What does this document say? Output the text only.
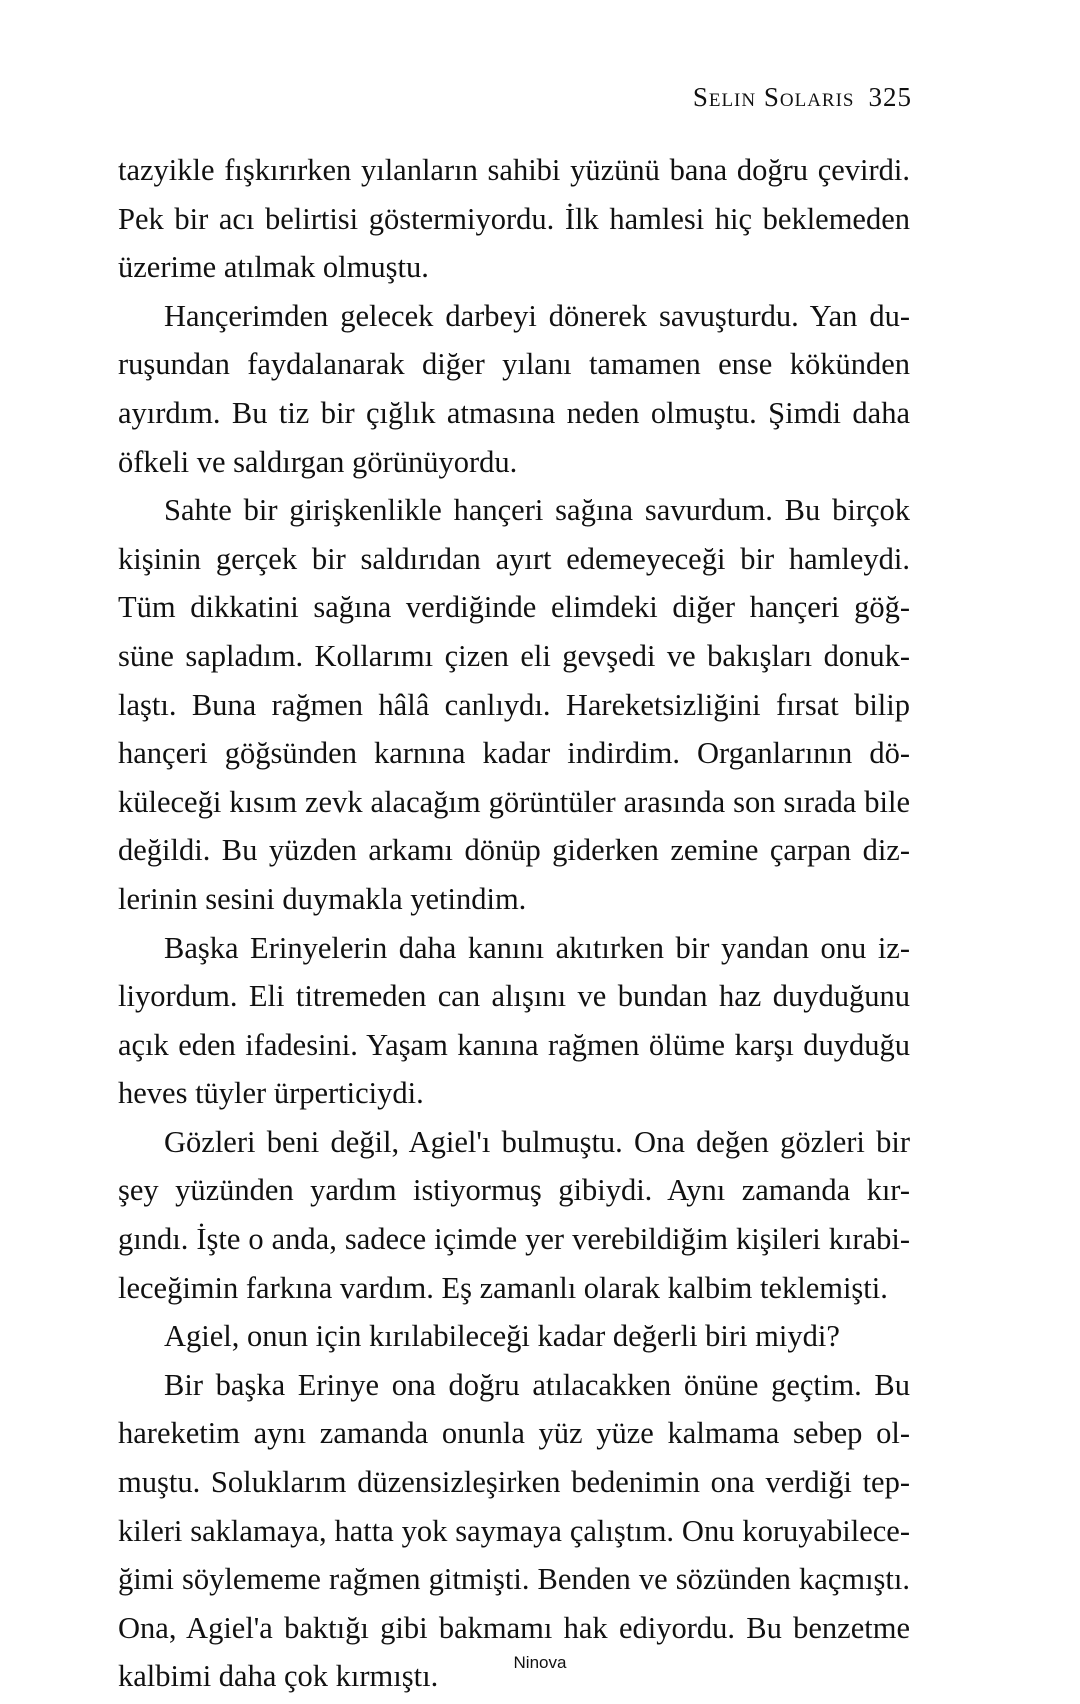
Selin Solaris 325
tazyikle fışkırırken yılanların sahibi yüzünü bana doğru çevirdi.
Pek bir acı belirtisi göstermiyordu. İlk hamlesi hiç beklemeden
üzerime atılmak olmuştu.
Hançerimden gelecek darbeyi dönerek savuşturdu. Yan du-
ruşundan faydalanarak diğer yılanı tamamen ense kökünden
ayırdım. Bu tiz bir çığlık atmasına neden olmuştu. Şimdi daha
öfkeli ve saldırgan görünüyordu.
Sahte bir girişkenlikle hançeri sağına savurdum. Bu birçok
kişinin gerçek bir saldırıdan ayırt edemeyeceği bir hamleydi.
Tüm dikkatini sağına verdiğinde elimdeki diğer hançeri göğ-
süne sapladım. Kollarımı çizen eli gevşedi ve bakışları donuk-
laştı. Buna rağmen hâlâ canlıydı. Hareketsizliğini fırsat bilip
hançeri göğsünden karnına kadar indirdim. Organlarının dö-
küleceği kısım zevk alacağım görüntüler arasında son sırada bile
değildi. Bu yüzden arkamı dönüp giderken zemine çarpan diz-
lerinin sesini duymakla yetindim.
Başka Erinyelerin daha kanını akıtırken bir yandan onu iz-
liyordum. Eli titremeden can alışını ve bundan haz duyduğunu
açık eden ifadesini. Yaşam kanına rağmen ölüme karşı duyduğu
heves tüyler ürperticiydi.
Gözleri beni değil, Agiel'ı bulmuştu. Ona değen gözleri bir
şey yüzünden yardım istiyormuş gibiydi. Aynı zamanda kır-
gındı. İşte o anda, sadece içimde yer verebildiğim kişileri kırabi-
leceğimin farkına vardım. Eş zamanlı olarak kalbim teklemişti.
Agiel, onun için kırılabileceği kadar değerli biri miydi?
Bir başka Erinye ona doğru atılacakken önüne geçtim. Bu
hareketim aynı zamanda onunla yüz yüze kalmama sebep ol-
muştu. Soluklarım düzensizleşirken bedenimin ona verdiği tep-
kileri saklamaya, hatta yok saymaya çalıştım. Onu koruyabilece-
ğimi söylememe rağmen gitmişti. Benden ve sözünden kaçmıştı.
Ona, Agiel'a baktığı gibi bakmamı hak ediyordu. Bu benzetme
kalbimi daha çok kırmıştı.	Ninova
